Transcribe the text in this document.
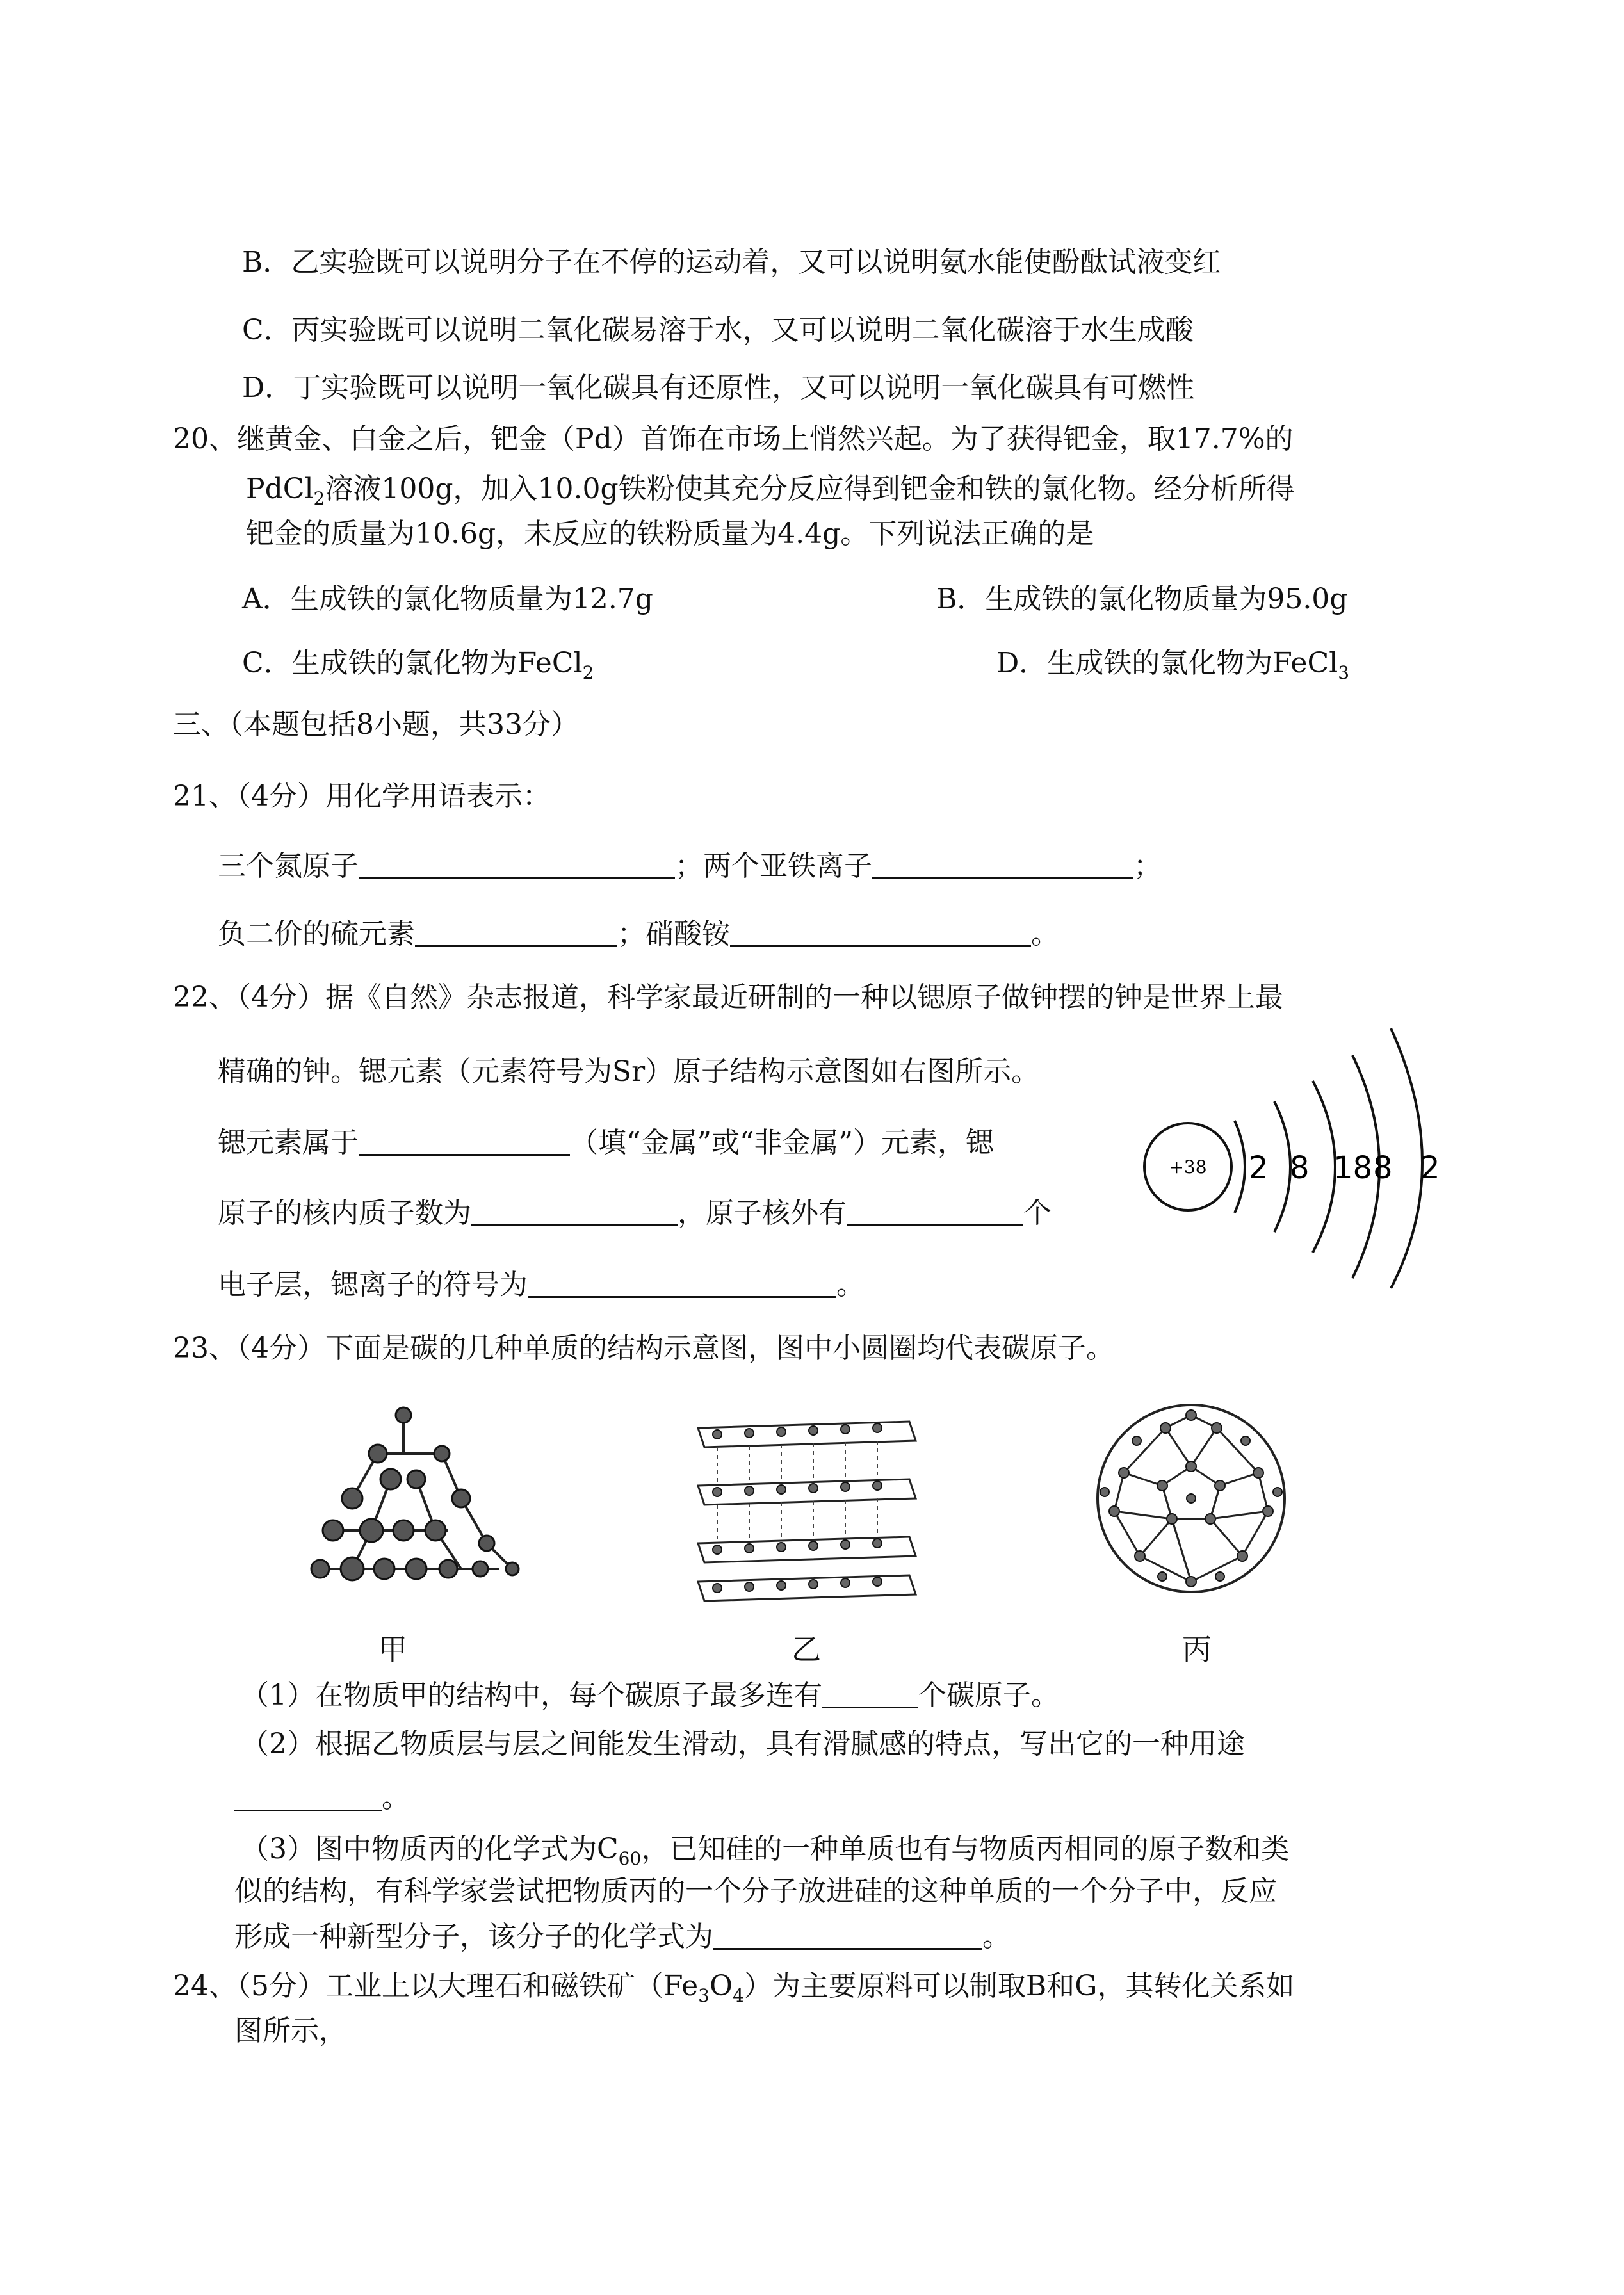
B．乙实验既可以说明分子在不停的运动着，又可以说明氨水能使酚酞试液变红
C．丙实验既可以说明二氧化碳易溶于水，又可以说明二氧化碳溶于水生成酸
D．丁实验既可以说明一氧化碳具有还原性，又可以说明一氧化碳具有可燃性
20、继黄金、白金之后，钯金（Pd）首饰在市场上悄然兴起。为了获得钯金，取17.7%的
PdCl$_2$溶液100g，加入10.0g铁粉使其充分反应得到钯金和铁的氯化物。经分析所得
钯金的质量为10.6g，未反应的铁粉质量为4.4g。下列说法正确的是
A．生成铁的氯化物质量为12.7g	B．生成铁的氯化物质量为95.0g
C．生成铁的氯化物为FeCl$_2$	D．生成铁的氯化物为FeCl$_3$
三、（本题包括8小题，共33分）
21、（4分）用化学用语表示：
三个氮原子	；两个亚铁离子	；
负二价的硫元素	；硝酸铵	。
22、（4分）据《自然》杂志报道，科学家最近研制的一种以锶原子做钟摆的钟是世界上最
精确的钟。锶元素（元素符号为Sr）原子结构示意图如右图所示。
锶元素属于	（填“金属”或“非金属”）元素，锶
原子的核内质子数为	，原子核外有	个
电子层，锶离子的符号为	。
+38 2 8 18 8 2
23、（4分）下面是碳的几种单质的结构示意图，图中小圆圈均代表碳原子。
甲	乙	丙
（1）在物质甲的结构中，每个碳原子最多连有	个碳原子。
（2）根据乙物质层与层之间能发生滑动，具有滑腻感的特点，写出它的一种用途
。
（3）图中物质丙的化学式为$C_{60}$，已知硅的一种单质也有与物质丙相同的原子数和类
似的结构，有科学家尝试把物质丙的一个分子放进硅的这种单质的一个分子中，反应
形成一种新型分子，该分子的化学式为	。
24、（5分）工业上以大理石和磁铁矿$(Fe_3O_4)$为主要原料可以制取B和G，其转化关系如
图所示，
